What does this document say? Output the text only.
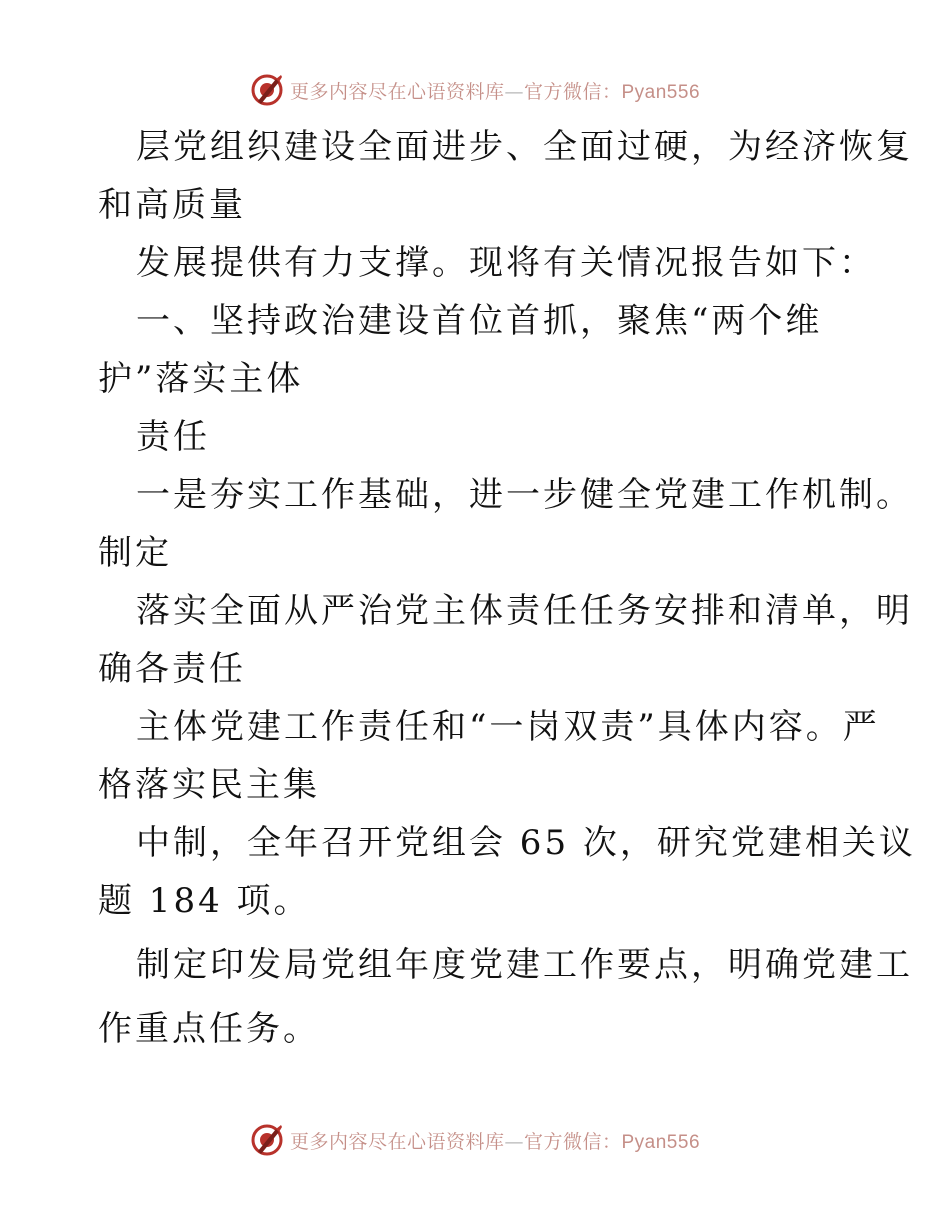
更多内容尽在心语资料库—官方微信：Pyan556
层党组织建设全面进步、全面过硬，为经济恢复
和高质量
发展提供有力支撑。现将有关情况报告如下：
一、坚持政治建设首位首抓，聚焦“两个维
护”落实主体
责任
一是夯实工作基础，进一步健全党建工作机制。
制定
落实全面从严治党主体责任任务安排和清单，明
确各责任
主体党建工作责任和“一岗双责”具体内容。严
格落实民主集
中制，全年召开党组会 65 次，研究党建相关议
题 184 项。
制定印发局党组年度党建工作要点，明确党建工
作重点任务。
更多内容尽在心语资料库—官方微信：Pyan556
